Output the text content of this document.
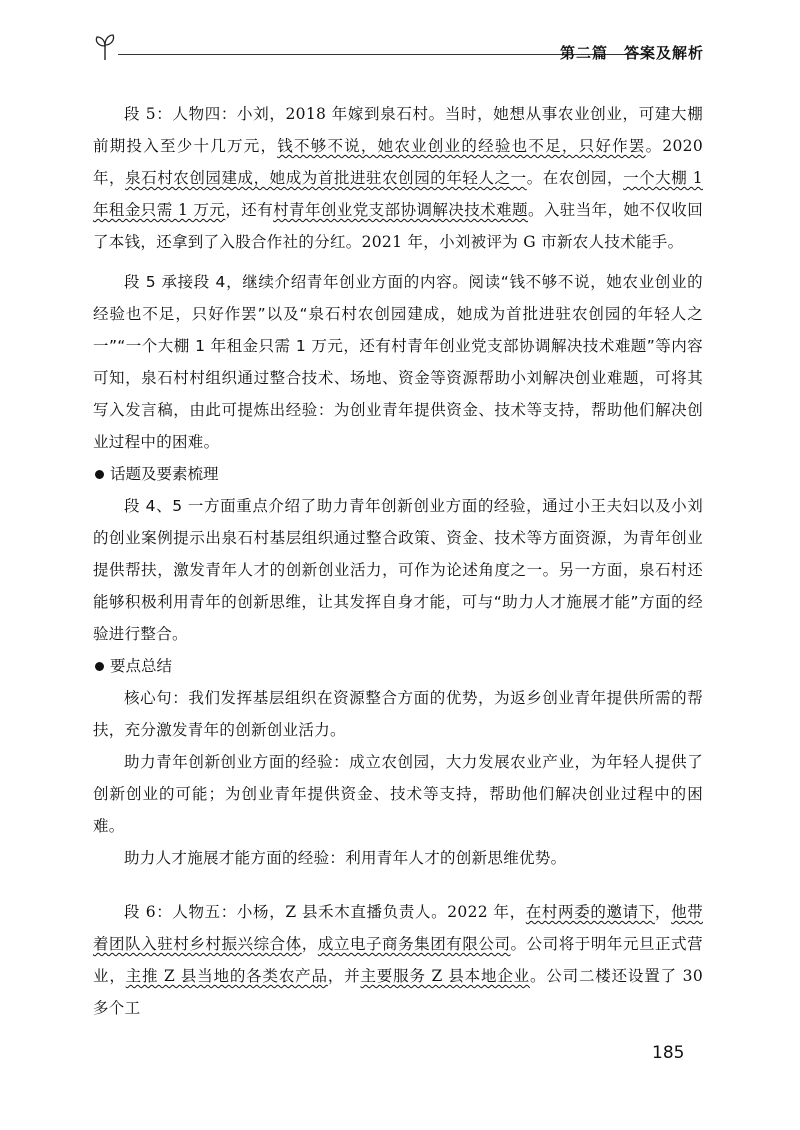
第二篇　答案及解析

段 5：人物四：小刘，2018 年嫁到泉石村。当时，她想从事农业创业，可建大棚前期投入至少十几万元，钱不够不说，她农业创业的经验也不足，只好作罢。2020 年，泉石村农创园建成，她成为首批进驻农创园的年轻人之一。在农创园，一个大棚 1 年租金只需 1 万元，还有村青年创业党支部协调解决技术难题。入驻当年，她不仅收回了本钱，还拿到了入股合作社的分红。2021 年，小刘被评为 G 市新农人技术能手。

段 5 承接段 4，继续介绍青年创业方面的内容。阅读“钱不够不说，她农业创业的经验也不足，只好作罢”以及“泉石村农创园建成，她成为首批进驻农创园的年轻人之一”“一个大棚 1 年租金只需 1 万元，还有村青年创业党支部协调解决技术难题”等内容可知，泉石村村组织通过整合技术、场地、资金等资源帮助小刘解决创业难题，可将其写入发言稿，由此可提炼出经验：为创业青年提供资金、技术等支持，帮助他们解决创业过程中的困难。

话题及要素梳理

段 4、5 一方面重点介绍了助力青年创新创业方面的经验，通过小王夫妇以及小刘的创业案例提示出泉石村基层组织通过整合政策、资金、技术等方面资源，为青年创业提供帮扶，激发青年人才的创新创业活力，可作为论述角度之一。另一方面，泉石村还能够积极利用青年的创新思维，让其发挥自身才能，可与“助力人才施展才能”方面的经验进行整合。

要点总结

核心句：我们发挥基层组织在资源整合方面的优势，为返乡创业青年提供所需的帮扶，充分激发青年的创新创业活力。

助力青年创新创业方面的经验：成立农创园，大力发展农业产业，为年轻人提供了创新创业的可能；为创业青年提供资金、技术等支持，帮助他们解决创业过程中的困难。

助力人才施展才能方面的经验：利用青年人才的创新思维优势。

段 6：人物五：小杨，Z 县禾木直播负责人。2022 年，在村两委的邀请下，他带着团队入驻村乡村振兴综合体，成立电子商务集团有限公司。公司将于明年元旦正式营业，主推 Z 县当地的各类农产品，并主要服务 Z 县本地企业。公司二楼还设置了 30 多个工

185
